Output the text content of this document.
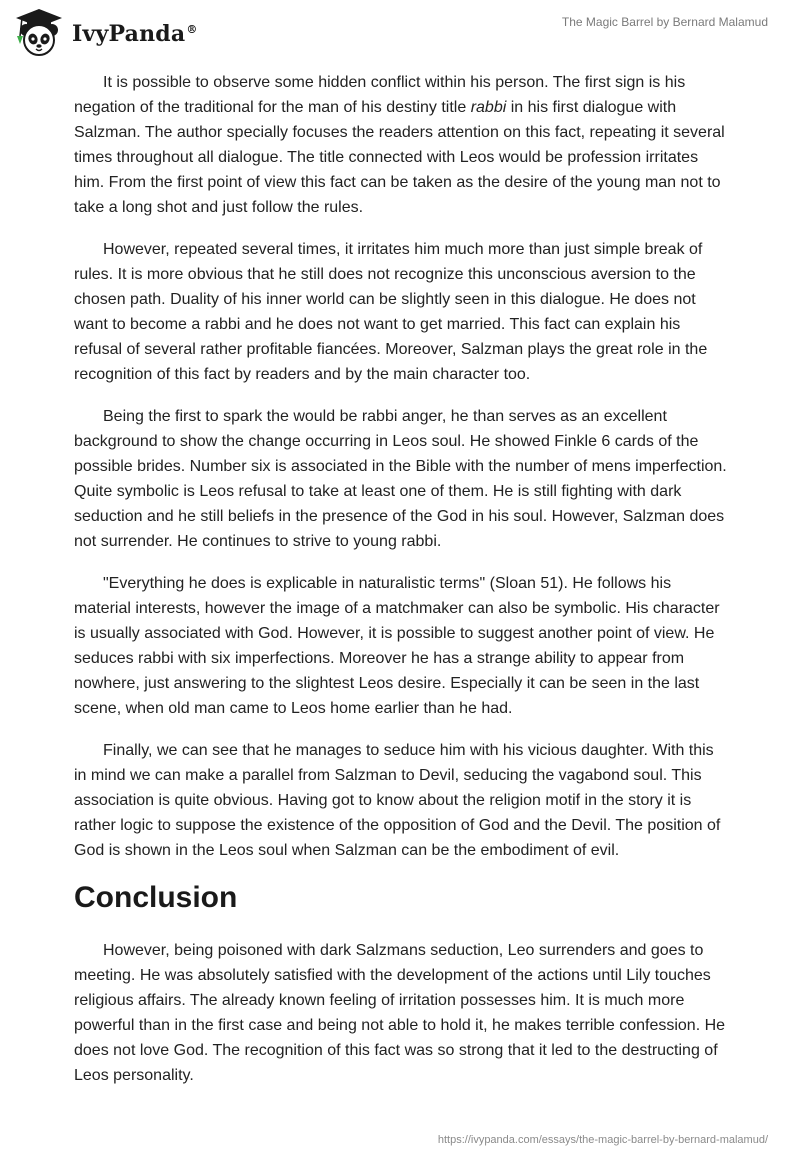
IvyPanda®
The Magic Barrel by Bernard Malamud

It is possible to observe some hidden conflict within his person. The first sign is his negation of the traditional for the man of his destiny title rabbi in his first dialogue with Salzman. The author specially focuses the readers attention on this fact, repeating it several times throughout all dialogue. The title connected with Leos would be profession irritates him. From the first point of view this fact can be taken as the desire of the young man not to take a long shot and just follow the rules.

However, repeated several times, it irritates him much more than just simple break of rules. It is more obvious that he still does not recognize this unconscious aversion to the chosen path. Duality of his inner world can be slightly seen in this dialogue. He does not want to become a rabbi and he does not want to get married. This fact can explain his refusal of several rather profitable fiancées. Moreover, Salzman plays the great role in the recognition of this fact by readers and by the main character too.

Being the first to spark the would be rabbi anger, he than serves as an excellent background to show the change occurring in Leos soul. He showed Finkle 6 cards of the possible brides. Number six is associated in the Bible with the number of mens imperfection. Quite symbolic is Leos refusal to take at least one of them. He is still fighting with dark seduction and he still beliefs in the presence of the God in his soul. However, Salzman does not surrender. He continues to strive to young rabbi.

"Everything he does is explicable in naturalistic terms" (Sloan 51). He follows his material interests, however the image of a matchmaker can also be symbolic. His character is usually associated with God. However, it is possible to suggest another point of view. He seduces rabbi with six imperfections. Moreover he has a strange ability to appear from nowhere, just answering to the slightest Leos desire. Especially it can be seen in the last scene, when old man came to Leos home earlier than he had.

Finally, we can see that he manages to seduce him with his vicious daughter. With this in mind we can make a parallel from Salzman to Devil, seducing the vagabond soul. This association is quite obvious. Having got to know about the religion motif in the story it is rather logic to suppose the existence of the opposition of God and the Devil. The position of God is shown in the Leos soul when Salzman can be the embodiment of evil.

Conclusion

However, being poisoned with dark Salzmans seduction, Leo surrenders and goes to meeting. He was absolutely satisfied with the development of the actions until Lily touches religious affairs. The already known feeling of irritation possesses him. It is much more powerful than in the first case and being not able to hold it, he makes terrible confession. He does not love God. The recognition of this fact was so strong that it led to the destructing of Leos personality.

https://ivypanda.com/essays/the-magic-barrel-by-bernard-malamud/
